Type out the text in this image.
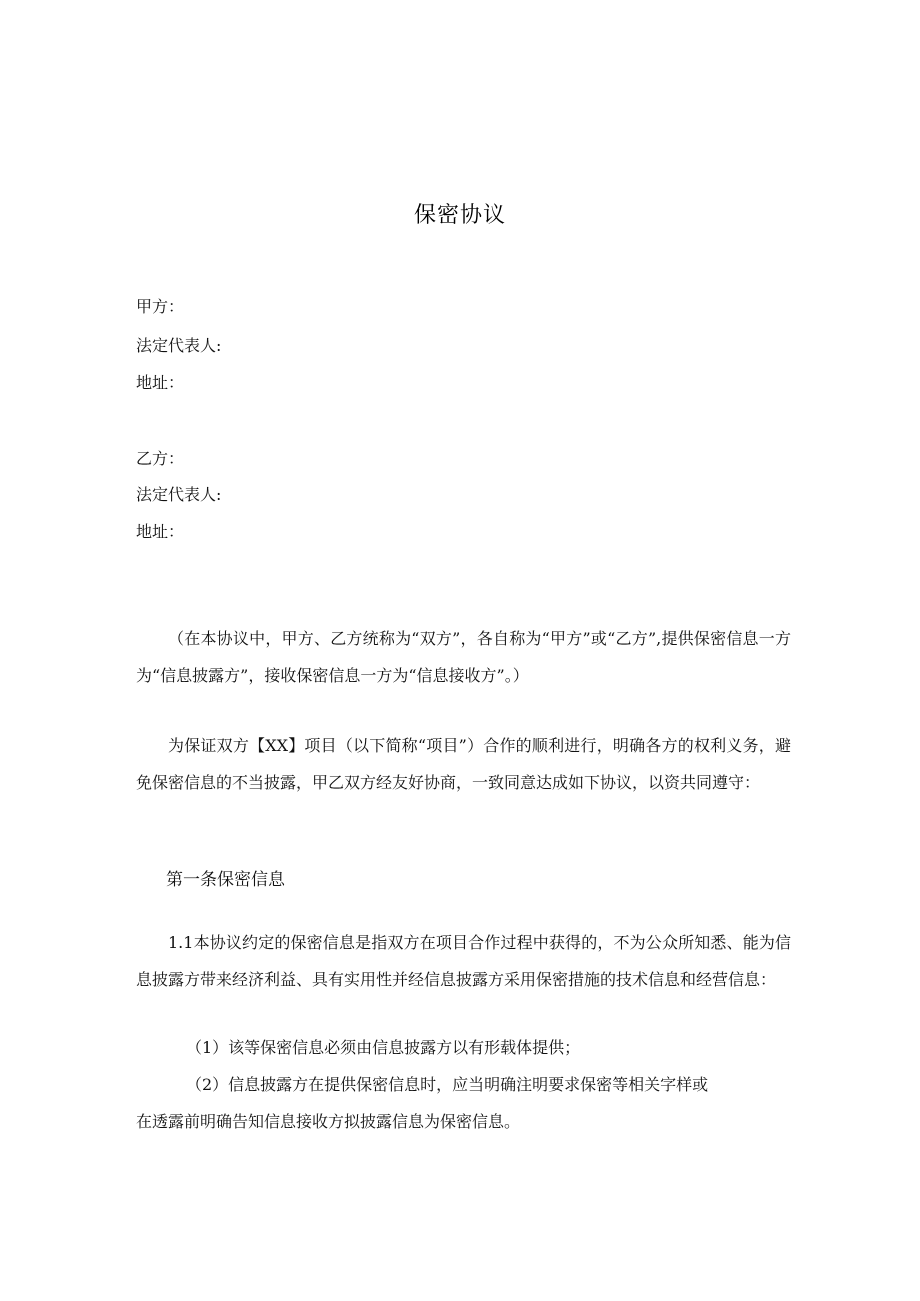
保密协议
甲方：
法定代表人:
地址：
乙方：
法定代表人:
地址：
（在本协议中，甲方、乙方统称为“双方”，各自称为“甲方”或“乙方”,提供保密信息一方为“信息披露方”，接收保密信息一方为“信息接收方”。）
为保证双方【XX】项目（以下简称“项目”）合作的顺利进行，明确各方的权利义务，避免保密信息的不当披露，甲乙双方经友好协商，一致同意达成如下协议，以资共同遵守：
第一条保密信息
1.1本协议约定的保密信息是指双方在项目合作过程中获得的，不为公众所知悉、能为信息披露方带来经济利益、具有实用性并经信息披露方采用保密措施的技术信息和经营信息：
（1）该等保密信息必须由信息披露方以有形载体提供；
（2）信息披露方在提供保密信息时，应当明确注明要求保密等相关字样或
在透露前明确告知信息接收方拟披露信息为保密信息。
